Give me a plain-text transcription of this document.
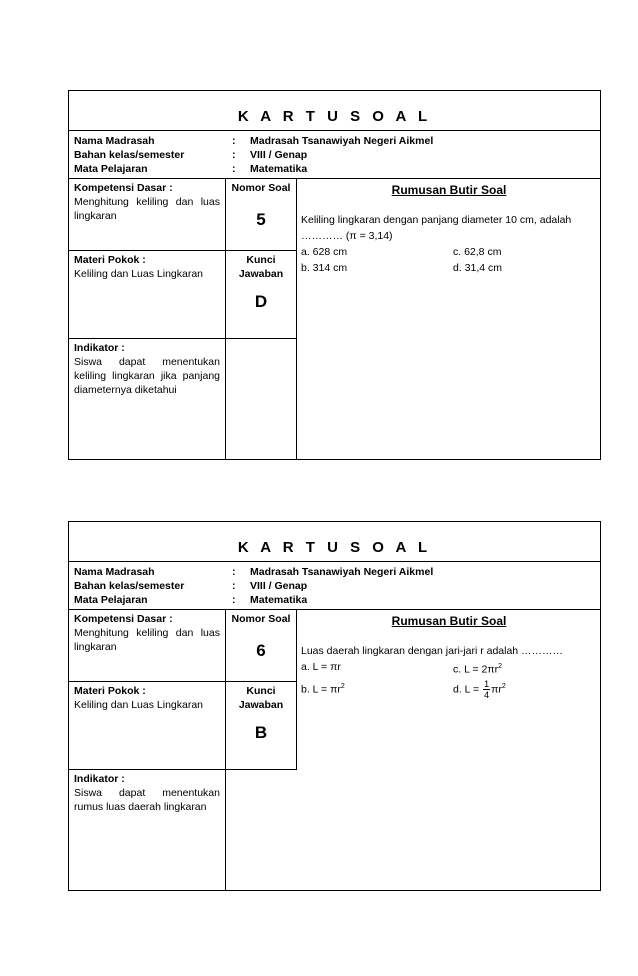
K A R T U S O A L
Nama Madrasah	: Madrasah Tsanawiyah Negeri Aikmel
Bahan kelas/semester	: VIII / Genap
Mata Pelajaran	: Matematika
Kompetensi Dasar :
Menghitung keliling dan luas lingkaran
Nomor Soal
5
Materi Pokok :
Keliling dan Luas Lingkaran
Kunci
Jawaban
D
Indikator :
Siswa dapat menentukan keliling lingkaran jika panjang diameternya diketahui
Rumusan Butir Soal
Keliling lingkaran dengan panjang diameter 10 cm, adalah ………… (π = 3,14)
a. 628 cm	c. 62,8 cm
b. 314 cm	d. 31,4 cm
K A R T U S O A L
Nama Madrasah	: Madrasah Tsanawiyah Negeri Aikmel
Bahan kelas/semester	: VIII / Genap
Mata Pelajaran	: Matematika
Kompetensi Dasar :
Menghitung keliling dan luas lingkaran
Nomor Soal
6
Materi Pokok :
Keliling dan Luas Lingkaran
Kunci
Jawaban
B
Indikator :
Siswa dapat menentukan rumus luas daerah lingkaran
Rumusan Butir Soal
Luas daerah lingkaran dengan jari-jari r adalah …………
a. L = πr	c. $L = 2\pi r^2$
b. $L = \pi r^2$	d. $L = \frac{1}{4} \pi r^2$
